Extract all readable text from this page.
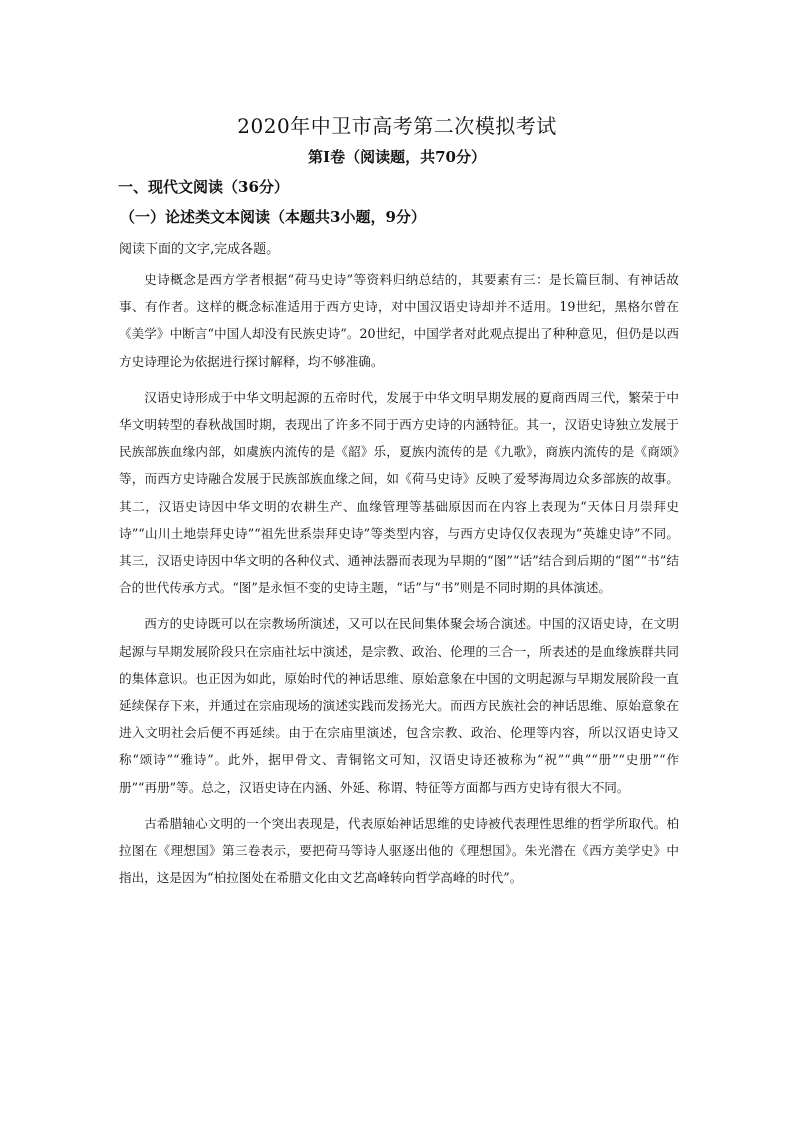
2020年中卫市高考第二次模拟考试
第I卷（阅读题，共70分）
一、现代文阅读（36分）
（一）论述类文本阅读（本题共3小题，9分）

阅读下面的文字,完成各题。

史诗概念是西方学者根据“荷马史诗”等资料归纳总结的，其要素有三：是长篇巨制、有神话故事、有作者。这样的概念标准适用于西方史诗，对中国汉语史诗却并不适用。19世纪，黑格尔曾在《美学》中断言“中国人却没有民族史诗”。20世纪，中国学者对此观点提出了种种意见，但仍是以西方史诗理论为依据进行探讨解释，均不够准确。

汉语史诗形成于中华文明起源的五帝时代，发展于中华文明早期发展的夏商西周三代，繁荣于中华文明转型的春秋战国时期，表现出了许多不同于西方史诗的内涵特征。其一，汉语史诗独立发展于民族部族血缘内部，如虞族内流传的是《韶》乐，夏族内流传的是《九歌》，商族内流传的是《商颂》等，而西方史诗融合发展于民族部族血缘之间，如《荷马史诗》反映了爱琴海周边众多部族的故事。其二，汉语史诗因中华文明的农耕生产、血缘管理等基础原因而在内容上表现为“天体日月崇拜史诗”“山川土地崇拜史诗”“祖先世系崇拜史诗”等类型内容，与西方史诗仅仅表现为“英雄史诗”不同。其三，汉语史诗因中华文明的各种仪式、通神法器而表现为早期的“图”“话”结合到后期的“图”“书”结合的世代传承方式。“图”是永恒不变的史诗主题，“话”与“书”则是不同时期的具体演述。

西方的史诗既可以在宗教场所演述，又可以在民间集体聚会场合演述。中国的汉语史诗，在文明起源与早期发展阶段只在宗庙社坛中演述，是宗教、政治、伦理的三合一，所表述的是血缘族群共同的集体意识。也正因为如此，原始时代的神话思维、原始意象在中国的文明起源与早期发展阶段一直延续保存下来，并通过在宗庙现场的演述实践而发扬光大。而西方民族社会的神话思维、原始意象在进入文明社会后便不再延续。由于在宗庙里演述，包含宗教、政治、伦理等内容，所以汉语史诗又称“颂诗”“雅诗”。此外，据甲骨文、青铜铭文可知，汉语史诗还被称为“祝”“典”“册”“史册”“作册”“再册”等。总之，汉语史诗在内涵、外延、称谓、特征等方面都与西方史诗有很大不同。

古希腊轴心文明的一个突出表现是，代表原始神话思维的史诗被代表理性思维的哲学所取代。柏拉图在《理想国》第三卷表示，要把荷马等诗人驱逐出他的《理想国》。朱光潜在《西方美学史》中指出，这是因为“柏拉图处在希腊文化由文艺高峰转向哲学高峰的时代”。
